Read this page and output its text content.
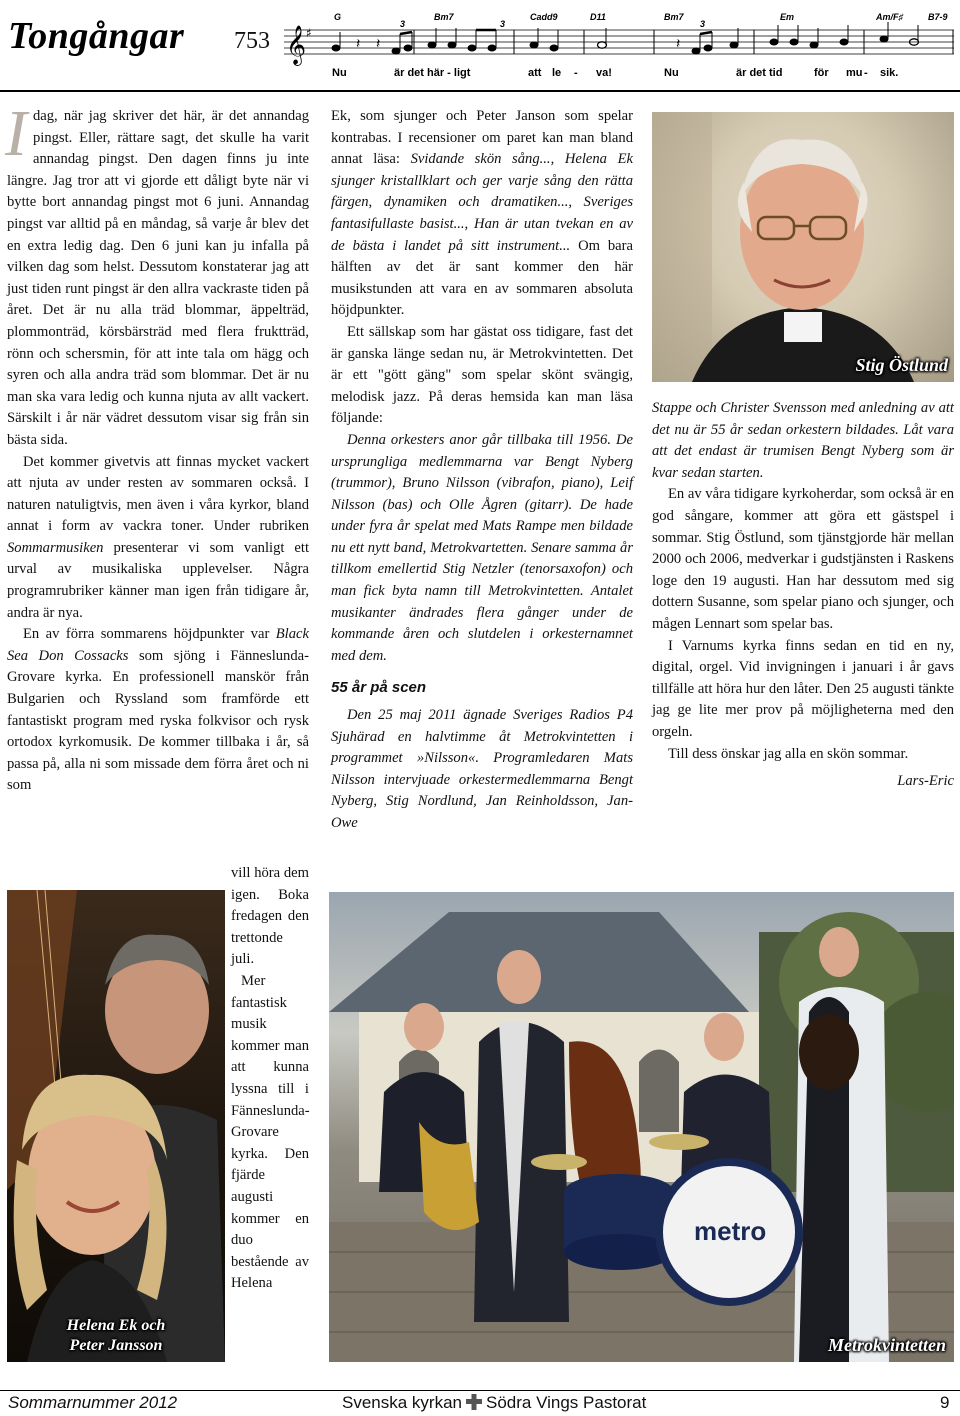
Tongångar 753 𝄞 ♯
𝄽 𝄽	𝄽
G
3
Bm7
3
Cadd9	D11	Bm7
3
Em	Am/F♯	B7-9
Nu	är det här - ligt	att le - va!	Nu	är det tid	för mu - sik.

Idag, när jag skriver det här, är det annandag pingst. Eller, rättare sagt, det skulle ha varit annandag pingst. Den dagen finns ju inte längre. Jag tror att vi gjorde ett dåligt byte när vi bytte bort annandag pingst mot 6 juni. Annandag pingst var alltid på en måndag, så varje år blev det en extra ledig dag. Den 6 juni kan ju infalla på vilken dag som helst. Dessutom konstaterar jag att just tiden runt pingst är den allra vackraste tiden på året. Det är nu alla träd blommar, äppelträd, plommonträd, körsbärsträd med flera fruktträd, rönn och schersmin, för att inte tala om hägg och syren och alla andra träd som blommar. Det är nu man ska vara ledig och kunna njuta av allt vackert. Särskilt i år när vädret dessutom visar sig från sin bästa sida.

Det kommer givetvis att finnas mycket vackert att njuta av under resten av sommaren också. I naturen natuligtvis, men även i våra kyrkor, bland annat i form av vackra toner. Under rubriken Sommarmusiken presenterar vi som vanligt ett urval av musikaliska upplevelser. Några programrubriker känner man igen från tidigare år, andra är nya.

En av förra sommarens höjdpunkter var Black Sea Don Cossacks som sjöng i Fänneslunda-Grovare kyrka. En professionell manskör från Bulgarien och Ryssland som framförde ett fantastiskt program med ryska folkvisor och rysk ortodox kyrkomusik. De kommer tillbaka i år, så passa på, alla ni som missade dem förra året och ni som

vill höra dem igen. Boka fredagen den trettonde juli.
Mer fantastisk musik kommer man att kunna lyssna till i Fänneslunda-Grovare kyrka. Den fjärde augusti kommer en duo bestående av Helena

Ek, som sjunger och Peter Janson som spelar kontrabas. I recensioner om paret kan man bland annat läsa: Svidande skön sång..., Helena Ek sjunger kristallklart och ger varje sång den rätta färgen, dynamiken och dramatiken..., Sveriges fantasifullaste basist..., Han är utan tvekan en av de bästa i landet på sitt instrument... Om bara hälften av det är sant kommer den här musikstunden att vara en av sommaren absoluta höjdpunkter.

Ett sällskap som har gästat oss tidigare, fast det är ganska länge sedan nu, är Metrokvintetten. Det är ett "gött gäng" som spelar skönt svängig, melodisk jazz. På deras hemsida kan man läsa följande:

Denna orkesters anor går tillbaka till 1956. De ursprungliga medlemmarna var Bengt Nyberg (trummor), Bruno Nilsson (vibrafon, piano), Leif Nilsson (bas) och Olle Ågren (gitarr). De hade under fyra år spelat med Mats Rampe men bildade nu ett nytt band, Metrokvartetten. Senare samma år tillkom emellertid Stig Netzler (tenorsaxofon) och man fick byta namn till Metrokvintetten. Antalet musikanter ändrades flera gånger under de kommande åren och slutdelen i orkesternamnet med dem.

55 år på scen

Den 25 maj 2011 ägnade Sveriges Radios P4 Sjuhärad en halvtimme åt Metrokvintetten i programmet »Nilsson«. Programledaren Mats Nilsson intervjuade orkestermedlemmarna Bengt Nyberg, Stig Nordlund, Jan Reinholdsson, Jan-Owe

Stig Östlund

Stappe och Christer Svensson med anledning av att det nu är 55 år sedan orkestern bildades. Låt vara att det endast är trumisen Bengt Nyberg som är kvar sedan starten.

En av våra tidigare kyrkoherdar, som också är en god sångare, kommer att göra ett gästspel i sommar. Stig Östlund, som tjänstgjorde här mellan 2000 och 2006, medverkar i gudstjänsten i Raskens loge den 19 augusti. Han har dessutom med sig dottern Susanne, som spelar piano och sjunger, och mågen Lennart som spelar bas.

I Varnums kyrka finns sedan en tid en ny, digital, orgel. Vid invigningen i januari i år gavs tillfälle att höra hur den låter. Den 25 augusti tänkte jag ge lite mer prov på möjligheterna med den orgeln.

Till dess önskar jag alla en skön sommar.

Lars-Eric

Helena Ek och
Peter Jansson
metro
Metrokvintetten
Sommarnummer 2012	Svenska kyrkan Södra Vings Pastorat	9
